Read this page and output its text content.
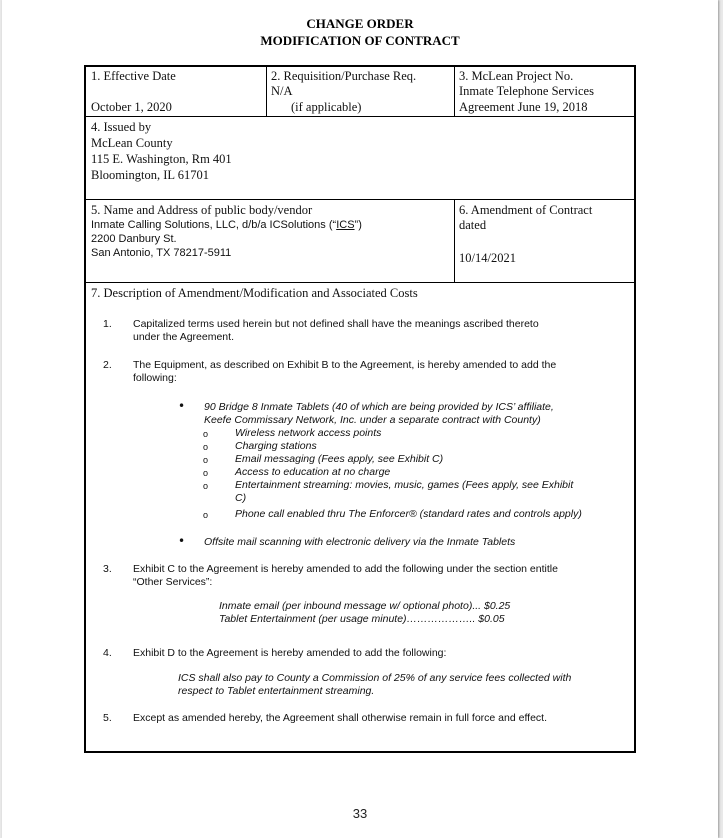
CHANGE ORDER
MODIFICATION OF CONTRACT
1. Effective Date
October 1, 2020
2. Requisition/Purchase Req.
N/A
(if applicable)
3. McLean Project No.
Inmate Telephone Services
Agreement June 19, 2018
4. Issued by
McLean County
115 E. Washington, Rm 401
Bloomington, IL 61701
5. Name and Address of public body/vendor
Inmate Calling Solutions, LLC, d/b/a ICSolutions (“ICS”)
2200 Danbury St.
San Antonio, TX 78217-5911
6. Amendment of Contract
dated
10/14/2021
7. Description of Amendment/Modification and Associated Costs
1. Capitalized terms used herein but not defined shall have the meanings ascribed thereto
under the Agreement.
2. The Equipment, as described on Exhibit B to the Agreement, is hereby amended to add the
following:
• 90 Bridge 8 Inmate Tablets (40 of which are being provided by ICS’ affiliate,
Keefe Commissary Network, Inc. under a separate contract with County)
o	Wireless network access points
o	Charging stations
o	Email messaging (Fees apply, see Exhibit C)
o	Access to education at no charge
o	Entertainment streaming: movies, music, games (Fees apply, see Exhibit
C)
o	Phone call enabled thru The Enforcer® (standard rates and controls apply)
• Offsite mail scanning with electronic delivery via the Inmate Tablets
3. Exhibit C to the Agreement is hereby amended to add the following under the section entitle
“Other Services”:
Inmate email (per inbound message w/ optional photo)... $0.25
Tablet Entertainment (per usage minute)……………….. $0.05
4. Exhibit D to the Agreement is hereby amended to add the following:
ICS shall also pay to County a Commission of 25% of any service fees collected with
respect to Tablet entertainment streaming.
5. Except as amended hereby, the Agreement shall otherwise remain in full force and effect.
33
